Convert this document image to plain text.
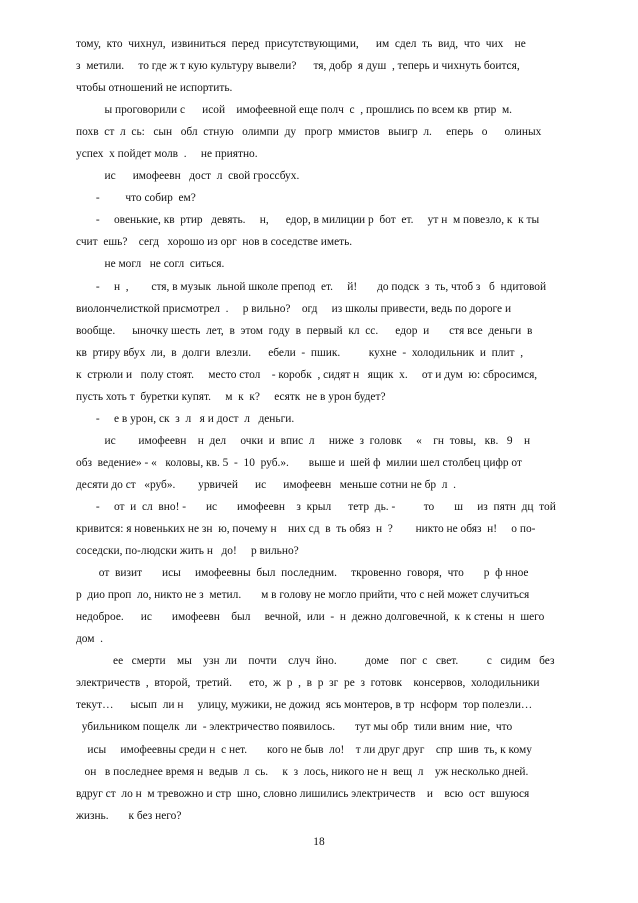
тому,  кто  чихнул,  извиниться  перед  присутствующими,      им  сдел  ть  вид,  что  чих    не
з  метили.     то где ж т кую культуру вывели?      тя, добр  я душ  , теперь и чихнуть боится,
чтобы отношений не испортить.
ы проговорили с      исой    имофеевной еще полч  с  , прошлись по всем кв  ртир  м.
похв  ст  л  сь:   сын   обл  стную   олимпи  ду   прогр  ммистов   выигр  л.     еперь   о      олиных
успех  х пойдет молв  .     не приятно.
ис      имофеевн   дост  л  свой гроссбух.
-         что собир  ем?
-     овенькие, кв  ртир   девять.     н,      едор, в милиции р  бот  ет.     ут н  м повезло, к  к ты
счит  ешь?    сегд   хорошо из орг  нов в соседстве иметь.
не могл   не согл  ситься.
-     н  ,        стя, в музык  льной школе препод  ет.     й!       до подск  з  ть, чтоб з   б  ндитовой
виолончелисткой присмотрел  .     р вильно?    огд     из школы привести, ведь по дороге и
вообще.      ыночку шесть  лет,  в  этом  году  в  первый  кл  сс.      едор  и       стя все  деньги  в
кв  ртиру вбух  ли,  в  долги  влезли.      ебели  -  пшик.          кухне  -  холодильник  и  плит  ,
к  стрюли и   полу стоят.     место стол    - коробк  , сидят н   ящик  х.     от и дум  ю: сбросимся,
пусть хоть т  буретки купят.     м  к  к?     есятк  не в урон будет?
-     е в урон, ск  з  л   я и дост  л   деньги.
ис        имофеевн    н  дел     очки  и  впис  л     ниже  з  головк     «    гн  товы,   кв.   9    н
обз  ведение» - «   коловы, кв. 5  -  10  руб.».       выше и  шей ф  милии шел столбец цифр от
десяти до ст   «руб».        урвичей      ис      имофеевн   меньше сотни не бр  л  .
-     от  и  сл  вно! -       ис       имофеевн    з  крыл      тетр  дь. -          то       ш     из  пятн  дц  той
кривится: я новеньких не зн  ю, почему н    них сд  в  ть обяз  н  ?        никто не обяз  н!     о по-
соседски, по-людски жить н   до!     р вильно?
от  визит       исы     имофеевны  был  последним.     ткровенно  говоря,  что       р  ф нное
р  дио проп  ло, никто не з  метил.       м в голову не могло прийти, что с ней может случиться
недоброе.      ис       имофеевн    был     вечной,  или  -  н  дежно долговечной,  к  к стены  н  шего
дом  .
ее   смерти    мы    узн  ли    почти    случ  йно.          доме    пог  с   свет.          с   сидим   без
электричеств  ,  второй,  третий.      ето,  ж  р  ,  в  р  зг  ре  з  готовк    консервов,  холодильники
текут…      ысып  ли н     улицу, мужики, не дожид  ясь монтеров, в тр  нсформ  тор полезли…
убильником пощелк  ли  - электричество появилось.       тут мы обр  тили вним  ние,  что
исы     имофеевны среди н  с нет.       кого не быв  ло!    т ли друг друг    спр  шив  ть, к кому
он   в последнее время н  ведыв  л  сь.     к  з  лось, никого не н  вещ  л    уж несколько дней.
вдруг ст  ло н  м тревожно и стр  шно, словно лишились электричеств    и    всю  ост  вшуюся
жизнь.       к без него?
18
